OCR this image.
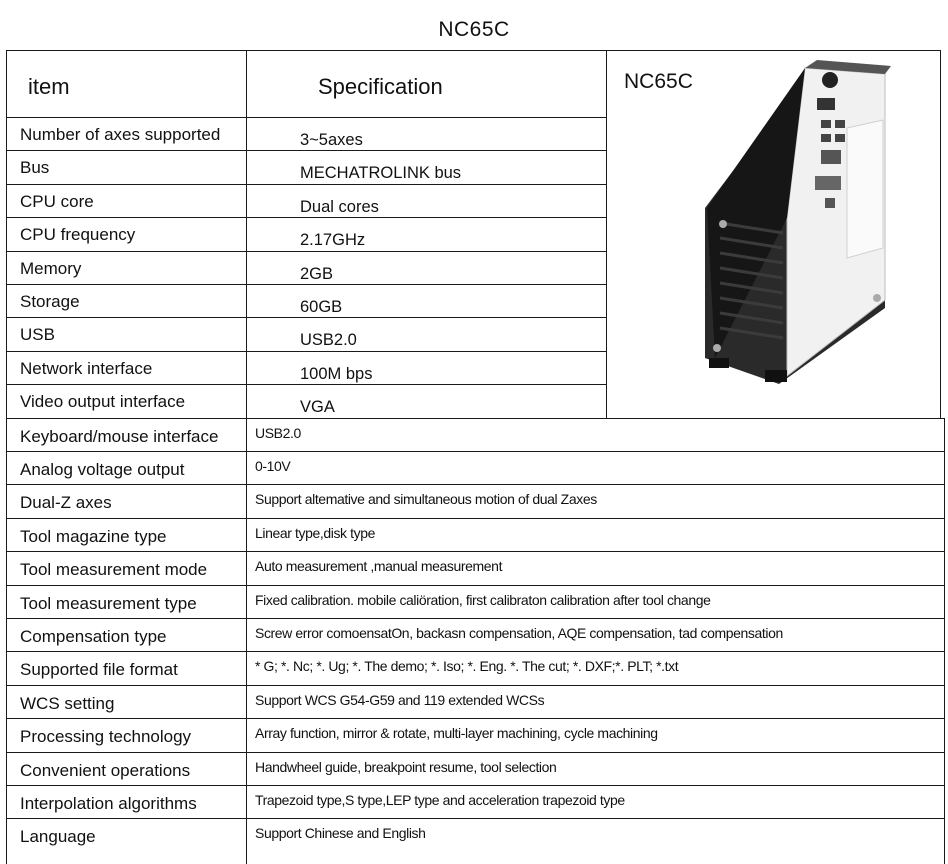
NC65C
Number of axes supported	3~5axes
Bus	MECHATROLINK bus
CPU core	Dual cores
CPU frequency	2.17GHz
Memory	2GB
Storage	60GB
USB	USB2.0
Network interface	100M bps
Video output interface	VGA
Keyboard/mouse interface	USB2.0
Analog voltage output	0-10V
Dual-Z axes	Support altemative and simultaneous motion of dual Zaxes
Tool magazine type	Linear type,disk type
Tool measurement mode	Auto measurement ,manual measurement
Tool measurement type	Fixed calibration. mobile caliöration, first calibraton calibration after tool change
Compensation type	Screw error comoensatOn, backasn compensation, AQE compensation, tad compensation
Supported file format	* G; *. Nc; *. Ug; *. The demo; *. Iso; *. Eng. *. The cut; *. DXF;*. PLT; *.txt
WCS setting	Support WCS G54-G59 and 119 extended WCSs
Processing technology	Array function, mirror & rotate, multi-layer machining, cycle machining
Convenient operations	Handwheel guide, breakpoint resume, tool selection
Interpolation algorithms	Trapezoid type,S type,LEP type and acceleration trapezoid type
Language	Support Chinese and English
item	Specification	NC65C
